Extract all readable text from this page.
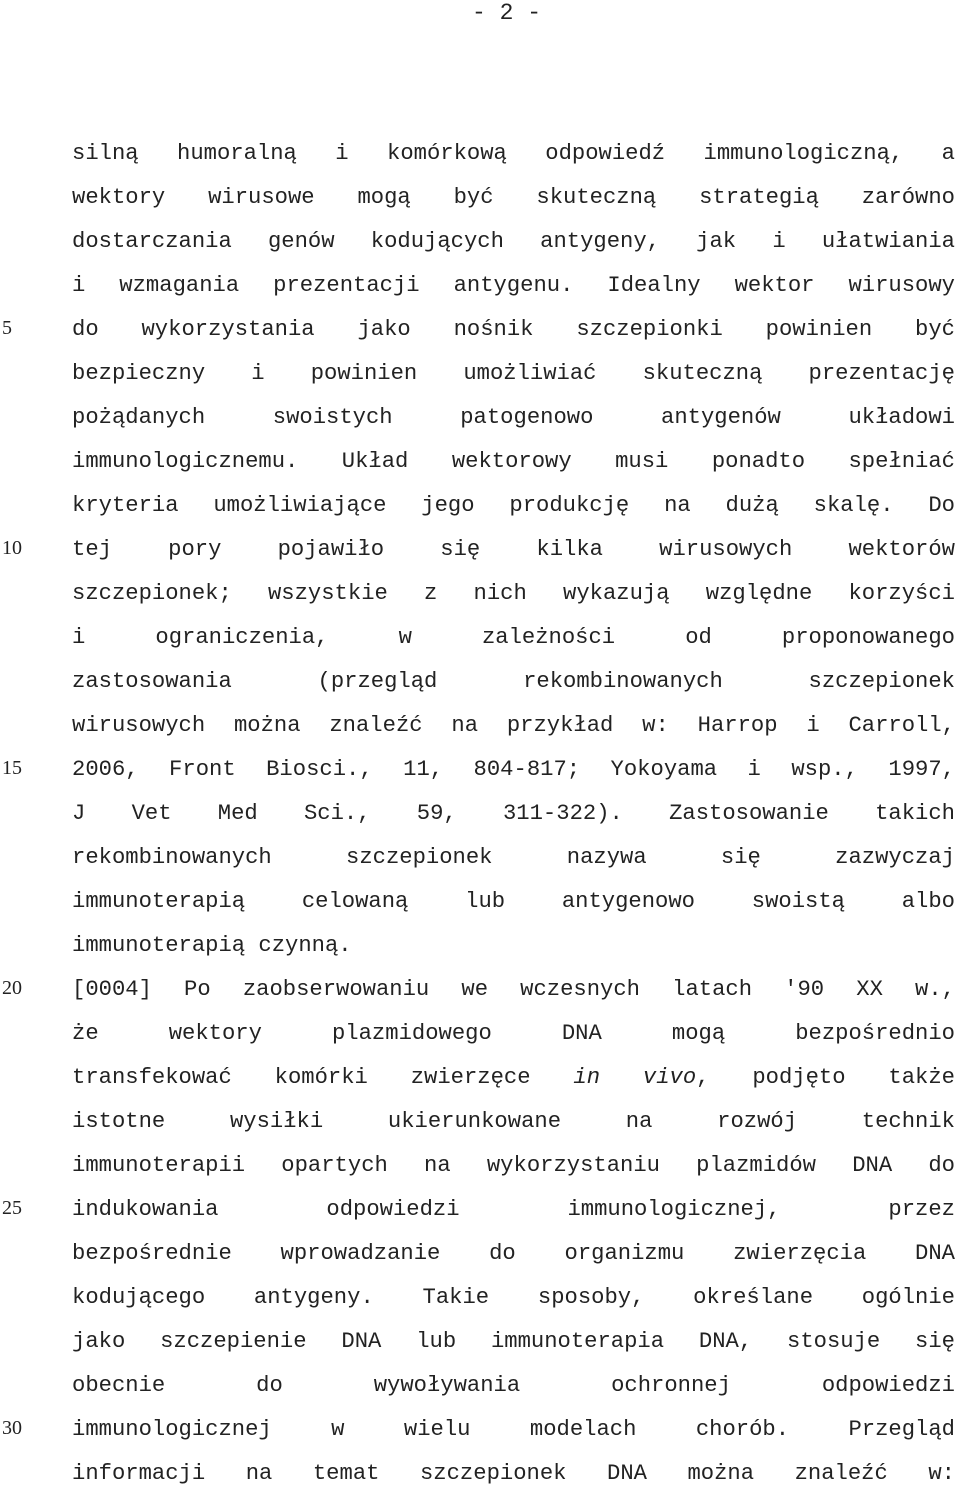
- 2 -
5
10
15
20
25
30
silną humoralną i komórkową odpowiedź immunologiczną, a
wektory wirusowe mogą być skuteczną strategią zarówno
dostarczania genów kodujących antygeny, jak i ułatwiania
i wzmagania prezentacji antygenu. Idealny wektor wirusowy
do wykorzystania jako nośnik szczepionki powinien być
bezpieczny i powinien umożliwiać skuteczną prezentację
pożądanych swoistych patogenowo antygenów układowi
immunologicznemu. Układ wektorowy musi ponadto spełniać
kryteria umożliwiające jego produkcję na dużą skalę. Do
tej pory pojawiło się kilka wirusowych wektorów
szczepionek; wszystkie z nich wykazują względne korzyści
i ograniczenia, w zależności od proponowanego
zastosowania (przegląd rekombinowanych szczepionek
wirusowych można znaleźć na przykład w: Harrop i Carroll,
2006, Front Biosci., 11, 804-817; Yokoyama i wsp., 1997,
J Vet Med Sci., 59, 311-322). Zastosowanie takich
rekombinowanych szczepionek nazywa się zazwyczaj
immunoterapią celowaną lub antygenowo swoistą albo
immunoterapią czynną.
[0004] Po zaobserwowaniu we wczesnych latach '90 XX w.,
że wektory plazmidowego DNA mogą bezpośrednio
transfekować komórki zwierzęce in vivo, podjęto także
istotne wysiłki ukierunkowane na rozwój technik
immunoterapii opartych na wykorzystaniu plazmidów DNA do
indukowania odpowiedzi immunologicznej, przez
bezpośrednie wprowadzanie do organizmu zwierzęcia DNA
kodującego antygeny. Takie sposoby, określane ogólnie
jako szczepienie DNA lub immunoterapia DNA, stosuje się
obecnie do wywoływania ochronnej odpowiedzi
immunologicznej w wielu modelach chorób. Przegląd
informacji na temat szczepionek DNA można znaleźć w:
